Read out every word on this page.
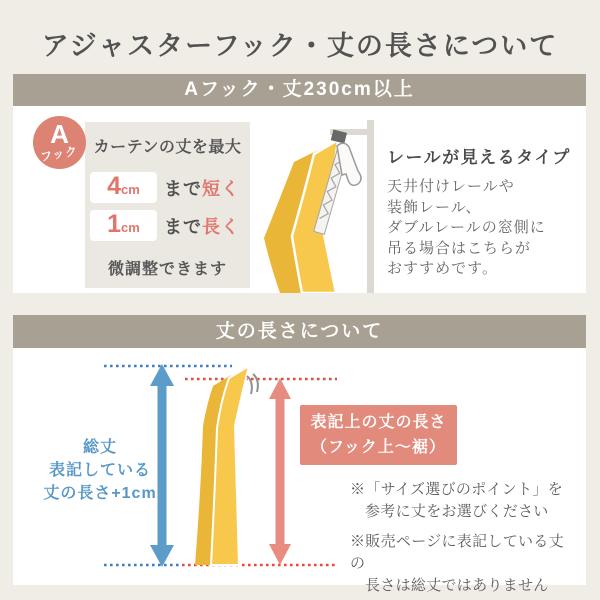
アジャスターフック・丈の長さについて
Aフック・丈230cm以上
A
フック カーテンの丈を最大
4 cm まで 短く
1 cm まで 長く
微調整できます
レールが見えるタイプ
天井付けレールや
装飾レール、
ダブルレールの窓側に
吊る場合はこちらが
おすすめです。
丈の長さについて
総丈
表記している
丈の長さ+1cm
表記上の丈の長さ
（フック上〜裾）
※「サイズ選びのポイント」を
参考に丈をお選びください
※販売ページに表記している丈の
長さは総丈ではありません
